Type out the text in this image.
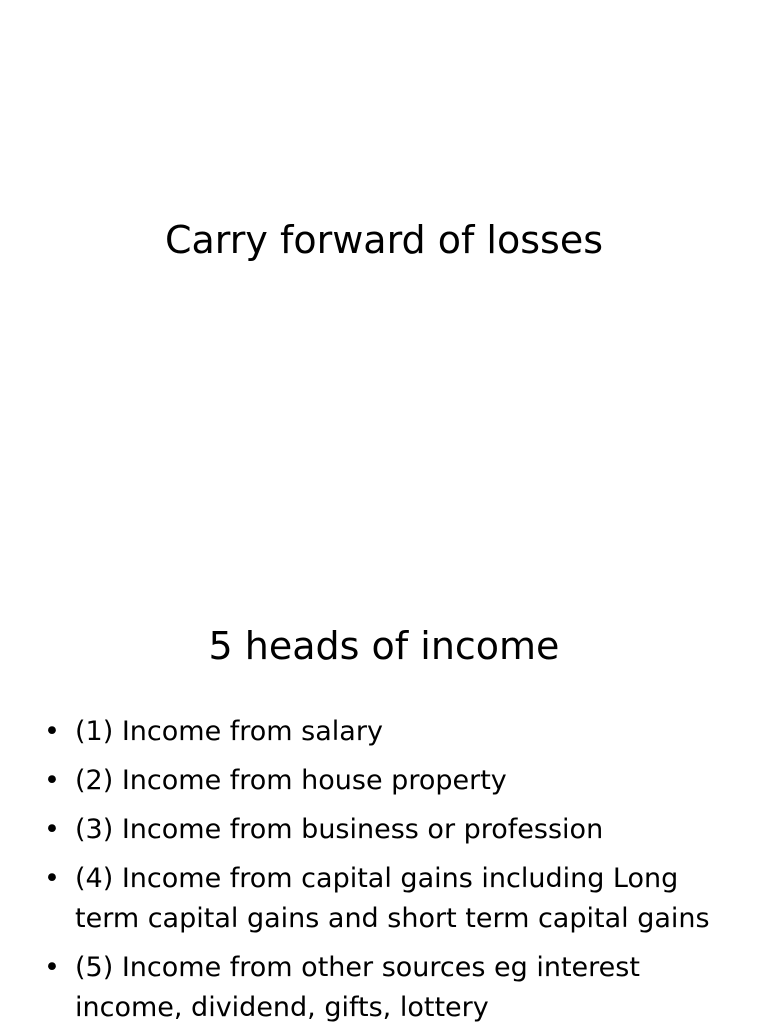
Carry forward of losses
5 heads of income
• (1) Income from salary
• (2) Income from house property
• (3) Income from business or profession
• (4) Income from capital gains including Long term capital gains and short term capital gains
• (5) Income from other sources eg interest income, dividend, gifts, lottery
